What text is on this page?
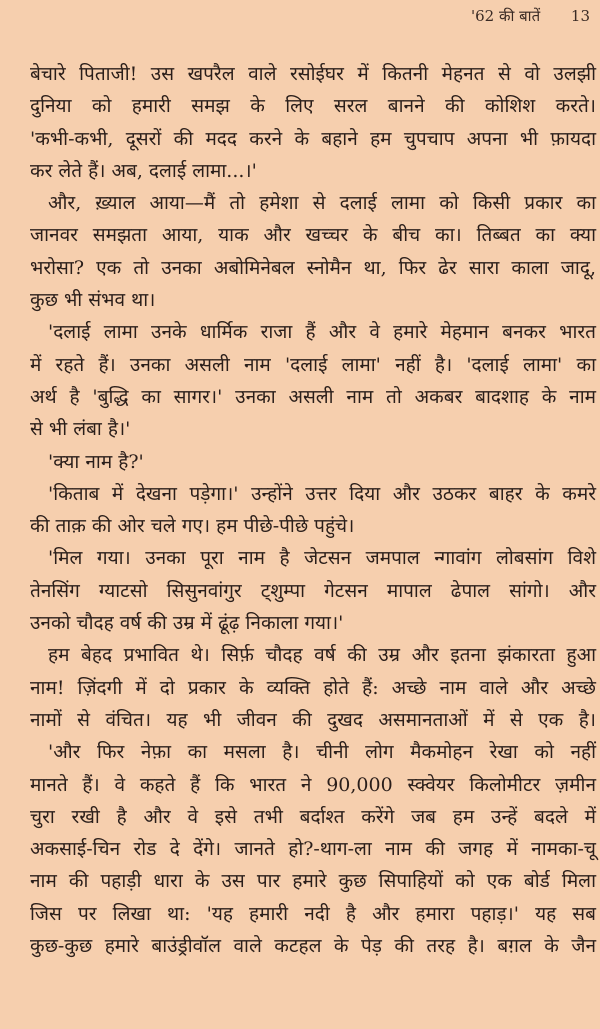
'62 की बातें 13
बेचारे पिताजी! उस खपरैल वाले रसोईघर में कितनी मेहनत से वो उलझी
दुनिया को हमारी समझ के लिए सरल बानने की कोशिश करते।
'कभी-कभी, दूसरों की मदद करने के बहाने हम चुपचाप अपना भी फ़ायदा
कर लेते हैं। अब, दलाई लामा...।'
और, ख़्याल आया—मैं तो हमेशा से दलाई लामा को किसी प्रकार का
जानवर समझता आया, याक और खच्चर के बीच का। तिब्बत का क्या
भरोसा? एक तो उनका अबोमिनेबल स्नोमैन था, फिर ढेर सारा काला जादू,
कुछ भी संभव था।
'दलाई लामा उनके धार्मिक राजा हैं और वे हमारे मेहमान बनकर भारत
में रहते हैं। उनका असली नाम 'दलाई लामा' नहीं है। 'दलाई लामा' का
अर्थ है 'बुद्धि का सागर।' उनका असली नाम तो अकबर बादशाह के नाम
से भी लंबा है।'
'क्या नाम है?'
'किताब में देखना पड़ेगा।' उन्होंने उत्तर दिया और उठकर बाहर के कमरे
की ताक़ की ओर चले गए। हम पीछे-पीछे पहुंचे।
'मिल गया। उनका पूरा नाम है जेटसन जमपाल न्गावांग लोबसांग विशे
तेनसिंग ग्याटसो सिसुनवांगुर ट्शुम्पा गेटसन मापाल ढेपाल सांगो। और
उनको चौदह वर्ष की उम्र में ढूंढ़ निकाला गया।'
हम बेहद प्रभावित थे। सिर्फ़ चौदह वर्ष की उम्र और इतना झंकारता हुआ
नाम! ज़िंदगी में दो प्रकार के व्यक्ति होते हैं: अच्छे नाम वाले और अच्छे
नामों से वंचित। यह भी जीवन की दुखद असमानताओं में से एक है।
'और फिर नेफ़ा का मसला है। चीनी लोग मैकमोहन रेखा को नहीं
मानते हैं। वे कहते हैं कि भारत ने 90,000 स्क्वेयर किलोमीटर ज़मीन
चुरा रखी है और वे इसे तभी बर्दाश्त करेंगे जब हम उन्हें बदले में
अकसाई-चिन रोड दे देंगे। जानते हो?-थाग-ला नाम की जगह में नामका-चू
नाम की पहाड़ी धारा के उस पार हमारे कुछ सिपाहियों को एक बोर्ड मिला
जिस पर लिखा था: 'यह हमारी नदी है और हमारा पहाड़।' यह सब
कुछ-कुछ हमारे बाउंड्रीवॉल वाले कटहल के पेड़ की तरह है। बग़ल के जैन
